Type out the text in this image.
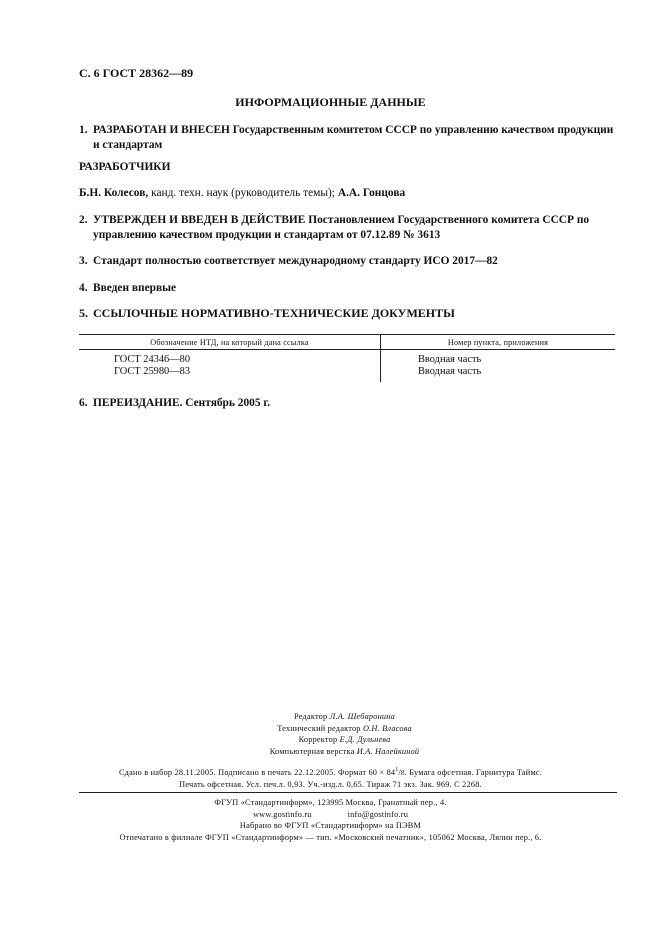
С. 6 ГОСТ 28362—89
ИНФОРМАЦИОННЫЕ ДАННЫЕ
1. РАЗРАБОТАН И ВНЕСЕН Государственным комитетом СССР по управлению качеством продукции и стандартам
РАЗРАБОТЧИКИ
Б.Н. Колесов, канд. техн. наук (руководитель темы); А.А. Гонцова
2. УТВЕРЖДЕН И ВВЕДЕН В ДЕЙСТВИЕ Постановлением Государственного комитета СССР по управлению качеством продукции и стандартам от 07.12.89 № 3613
3. Стандарт полностью соответствует международному стандарту ИСО 2017—82
4. Введен впервые
5. ССЫЛОЧНЫЕ НОРМАТИВНО-ТЕХНИЧЕСКИЕ ДОКУМЕНТЫ
Обозначение НТД, на который дана ссылка	Номер пункта, приложения
ГОСТ 24346—80	Вводная часть
ГОСТ 25980—83	Вводная часть
6. ПЕРЕИЗДАНИЕ. Сентябрь 2005 г.
Редактор Л.А. Шебаронина
Технический редактор О.Н. Власова
Корректор Е.Д. Дульнева
Компьютерная верстка И.А. Налейкиной
Сдано в набор 28.11.2005. Подписано в печать 22.12.2005. Формат $60 \times 84^1/8$. Бумага офсетная. Гарнитура Таймс.
Печать офсетная. Усл. печ.л. 0,93. Уч.-изд.л. 0,65. Тираж 71 экз. Зак. 969. С 2268.
ФГУП «Стандартинформ», 123995 Москва, Гранатный пер., 4.
www.gostinfo.ru	info@gostinfo.ru
Набрано во ФГУП «Стандартинформ» на ПЭВМ
Отпечатано в филиале ФГУП «Стандартинформ» — тип. «Московский печатник», 105062 Москва, Лялин пер., 6.
